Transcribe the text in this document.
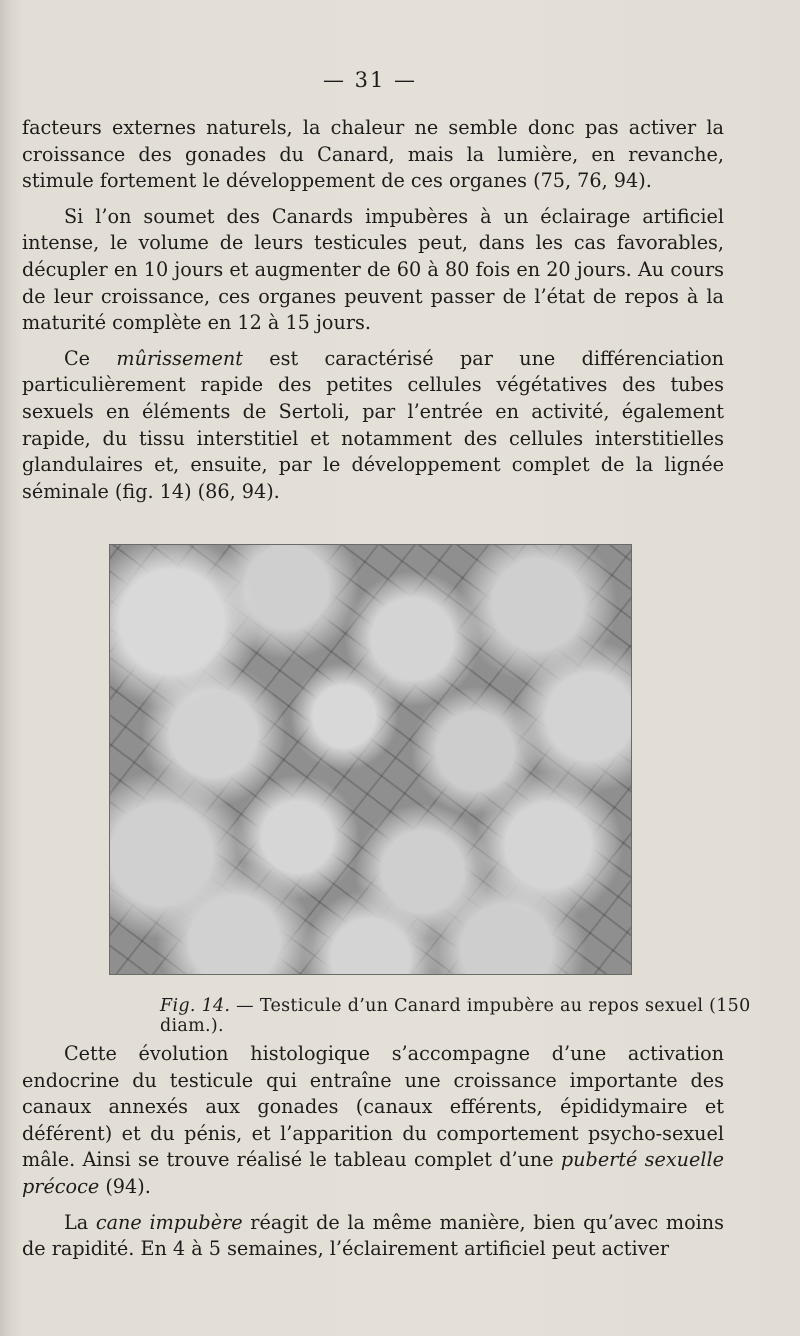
— 31 —

facteurs externes naturels, la chaleur ne semble donc pas activer la croissance des gonades du Canard, mais la lumière, en revanche, stimule fortement le développement de ces organes (75, 76, 94).

Si l’on soumet des Canards impubères à un éclairage artificiel intense, le volume de leurs testicules peut, dans les cas favorables, décupler en 10 jours et augmenter de 60 à 80 fois en 20 jours. Au cours de leur croissance, ces organes peuvent passer de l’état de repos à la maturité complète en 12 à 15 jours.

Ce mûrissement est caractérisé par une différenciation particulièrement rapide des petites cellules végétatives des tubes sexuels en éléments de Sertoli, par l’entrée en activité, également rapide, du tissu interstitiel et notamment des cellules interstitielles glandulaires et, ensuite, par le développement complet de la lignée séminale (fig. 14) (86, 94).

Fig. 14. — Testicule d’un Canard impubère au repos sexuel (150 diam.).

Cette évolution histologique s’accompagne d’une activation endocrine du testicule qui entraîne une croissance importante des canaux annexés aux gonades (canaux efférents, épididymaire et déférent) et du pénis, et l’apparition du comportement psycho-sexuel mâle. Ainsi se trouve réalisé le tableau complet d’une puberté sexuelle précoce (94).

La cane impubère réagit de la même manière, bien qu’avec moins de rapidité. En 4 à 5 semaines, l’éclairement artificiel peut activer
